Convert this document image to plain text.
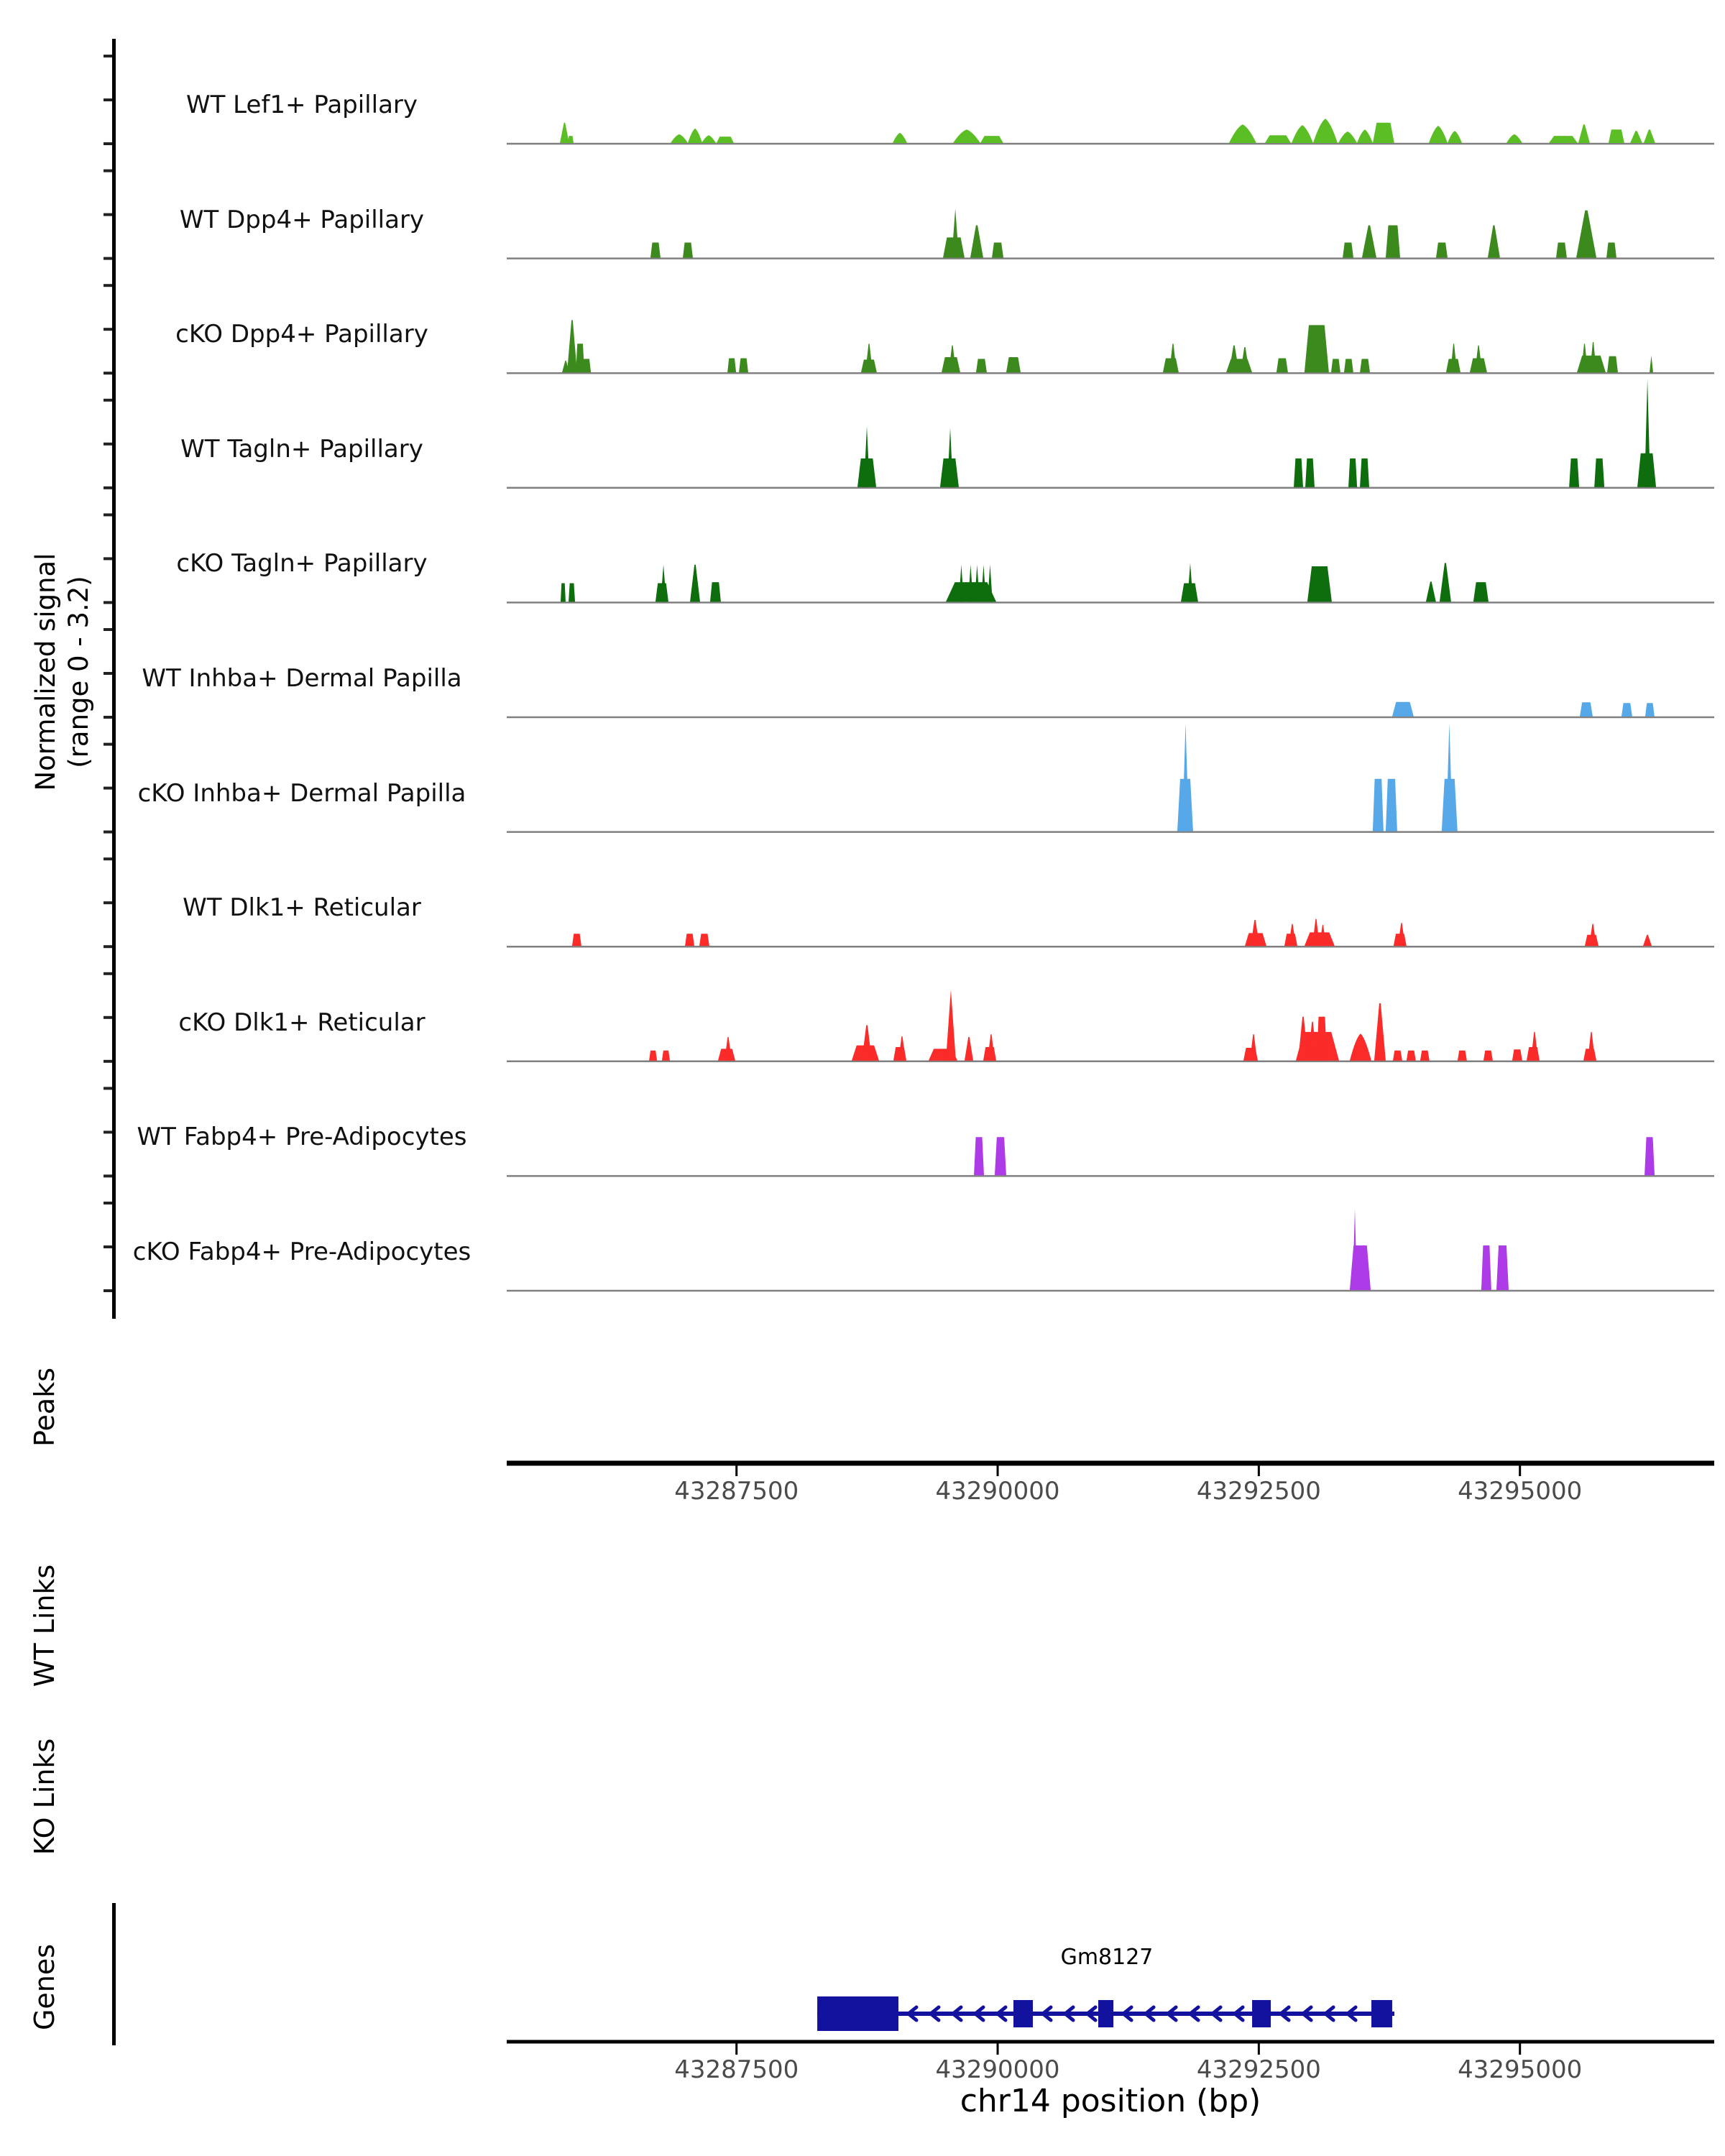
Normalized signal
(range 0 - 3.2)
Peaks
WT Links
KO Links
Genes
WT Lef1+ Papillary
WT Dpp4+ Papillary
cKO Dpp4+ Papillary
WT Tagln+ Papillary
cKO Tagln+ Papillary
WT Inhba+ Dermal Papilla
cKO Inhba+ Dermal Papilla
WT Dlk1+ Reticular
cKO Dlk1+ Reticular
WT Fabp4+ Pre-Adipocytes
cKO Fabp4+ Pre-Adipocytes
43287500	43290000	43292500	43295000
43287500	43290000	43292500	43295000
Gm8127
chr14 position (bp)
